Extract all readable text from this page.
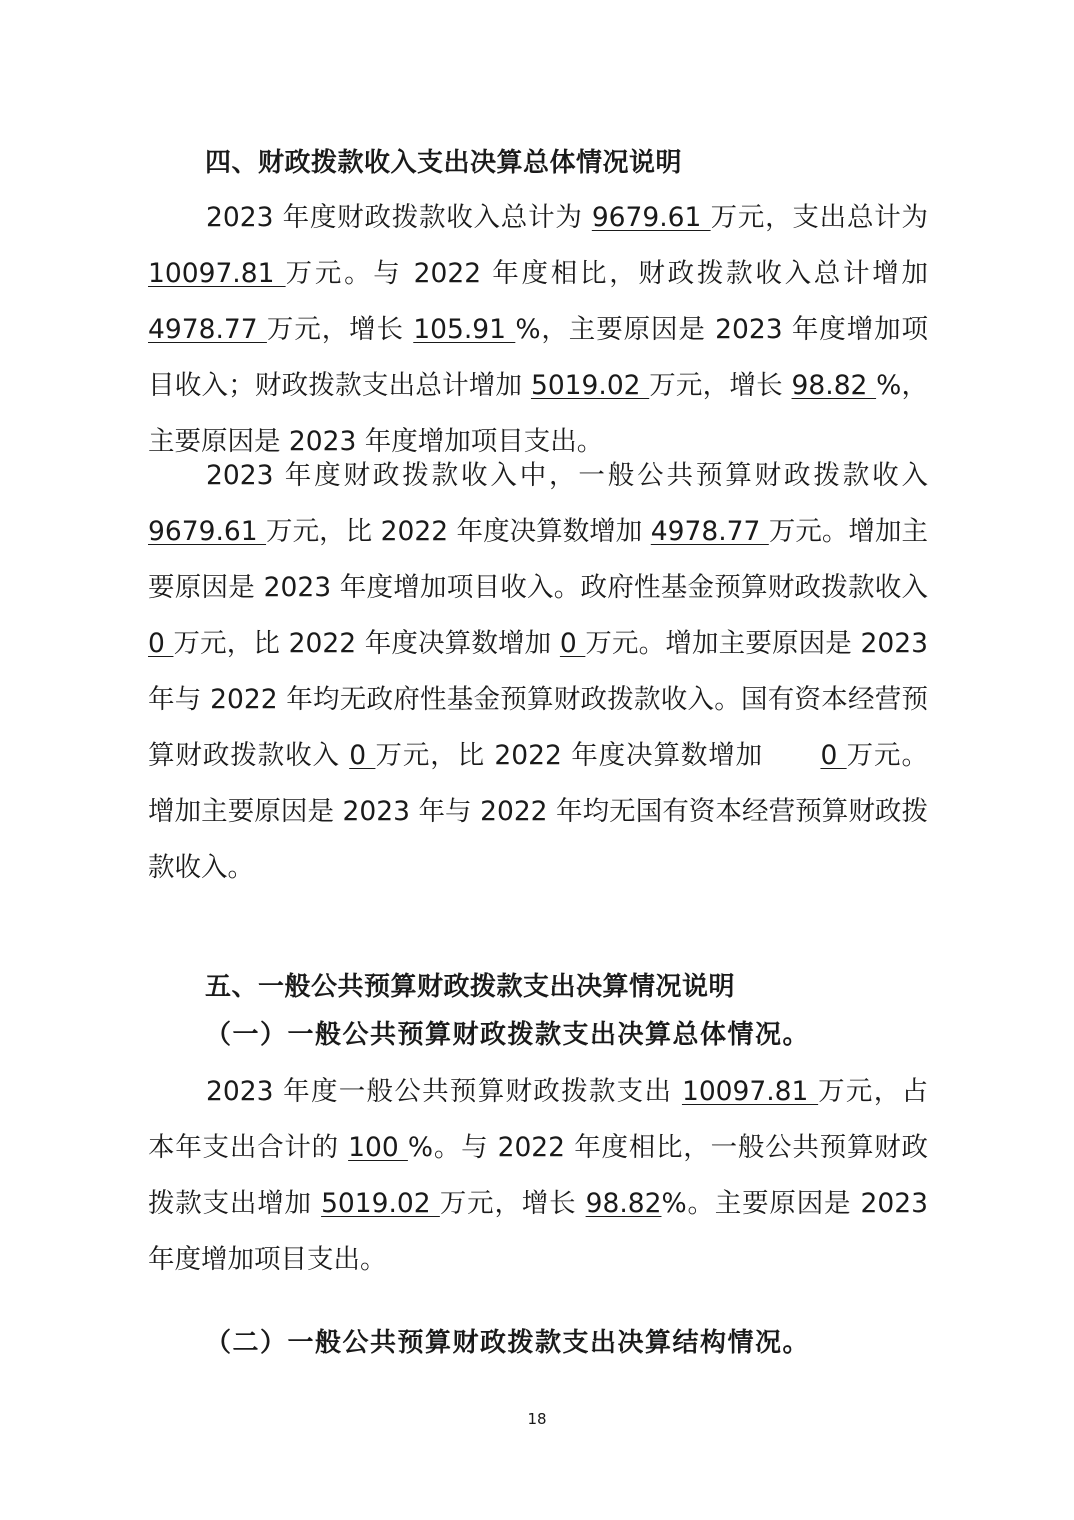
四、财政拨款收入支出决算总体情况说明
2023 年度财政拨款收入总计为 9679.61 万元，支出总计为 10097.81 万元。与 2022 年度相比，财政拨款收入总计增加 4978.77 万元，增长 105.91 %，主要原因是 2023 年度增加项目收入；财政拨款支出总计增加 5019.02 万元，增长 98.82 %，主要原因是 2023 年度增加项目支出。
2023 年度财政拨款收入中，一般公共预算财政拨款收入 9679.61 万元，比 2022 年度决算数增加 4978.77 万元。增加主要原因是 2023 年度增加项目收入。政府性基金预算财政拨款收入 0 万元，比 2022 年度决算数增加 0 万元。增加主要原因是 2023 年与 2022 年均无政府性基金预算财政拨款收入。国有资本经营预算财政拨款收入 0 万元，比 2022 年度决算数增加 0 万元。增加主要原因是 2023 年与 2022 年均无国有资本经营预算财政拨款收入。
五、一般公共预算财政拨款支出决算情况说明
（一）一般公共预算财政拨款支出决算总体情况。
2023 年度一般公共预算财政拨款支出 10097.81 万元，占本年支出合计的 100 %。与 2022 年度相比，一般公共预算财政拨款支出增加 5019.02 万元，增长 98.82%。主要原因是 2023 年度增加项目支出。
（二）一般公共预算财政拨款支出决算结构情况。
18
